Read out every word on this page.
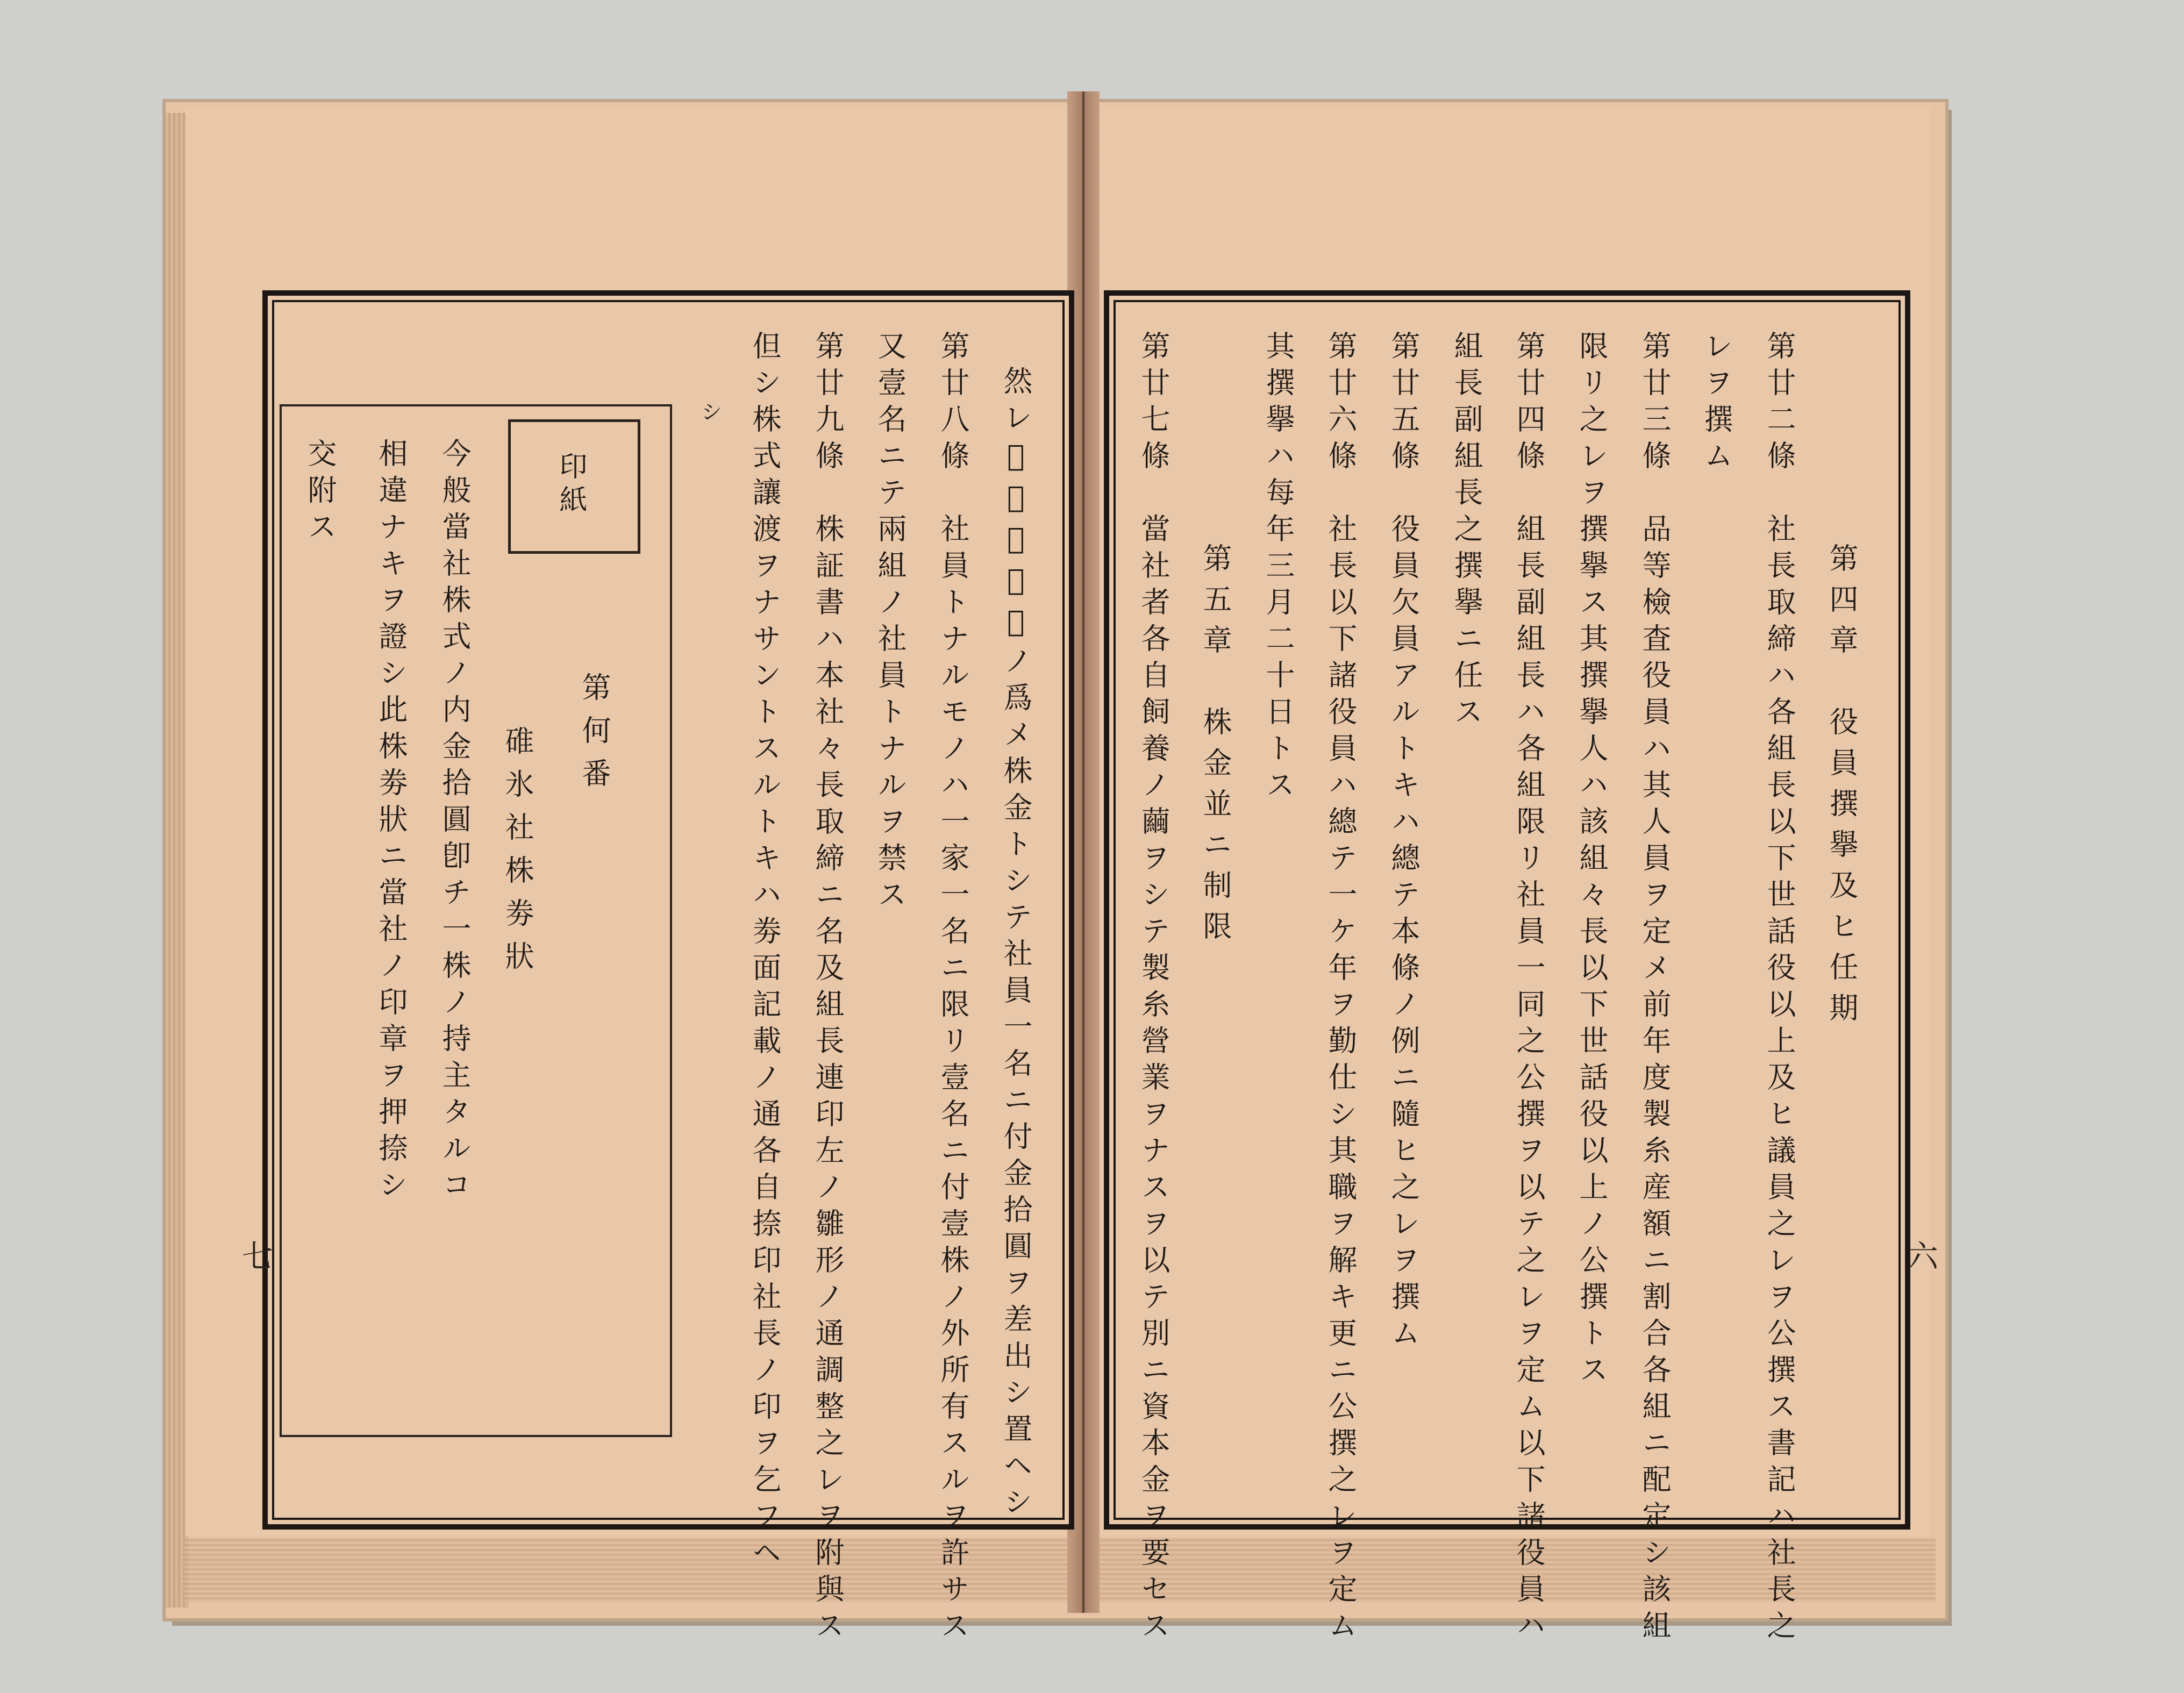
第廿二條　社長取締ハ各組長以下世話役以上及ヒ議員之レヲ公撰ス書記ハ社長之 第四章　役員撰擧及ヒ任期
レヲ撰ム
第廿三條　品等檢査役員ハ其人員ヲ定メ前年度製糸産額ニ割合各組ニ配定シ該組
限リ之レヲ撰擧ス其撰擧人ハ該組々長以下世話役以上ノ公撰トス
第廿四條　組長副組長ハ各組限リ社員一同之公撰ヲ以テ之レヲ定ム以下諸役員ハ
組長副組長之撰擧ニ任ス
第廿五條　役員欠員アルトキハ總テ本條ノ例ニ隨ヒ之レヲ撰ム
第廿六條　社長以下諸役員ハ總テ一ケ年ヲ勤仕シ其職ヲ解キ更ニ公撰之レヲ定ム
其撰擧ハ每年三月二十日トス
第五章　株金並ニ制限
第廿七條　當社者各自飼養ノ繭ヲシテ製糸營業ヲナスヲ以テ別ニ資本金ヲ要セス	六
然レ𪜈身元保証ノ爲メ株金トシテ社員一名ニ付金拾圓ヲ差出シ置ヘシ
第廿八條　社員トナルモノハ一家一名ニ限リ壹名ニ付壹株ノ外所有スルヲ許サス
又壹名ニテ兩組ノ社員トナルヲ禁ス
シ	第廿九條　株証書ハ本社々長取締ニ名及組長連印左ノ雛形ノ通調整之レヲ附與ス
但シ株式讓渡ヲナサントスルトキハ劵面記載ノ通各自捺印社長ノ印ヲ乞フヘ
印紙
第何番
碓氷社株劵狀
今般當社株式ノ内金拾圓卽チ一株ノ持主タルコ
相違ナキヲ證シ此株劵狀ニ當社ノ印章ヲ押捺シ
交附ス
七
